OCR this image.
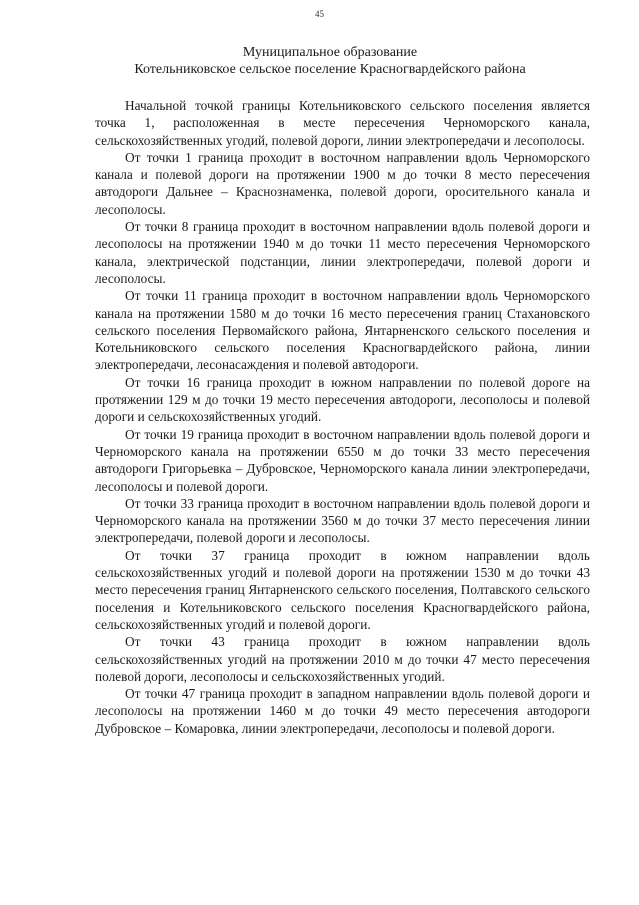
45
Муниципальное образование
Котельниковское сельское поселение Красногвардейского района

Начальной точкой границы Котельниковского сельского поселения является точка 1, расположенная в месте пересечения Черноморского канала, сельскохозяйственных угодий, полевой дороги, линии электропередачи и лесополосы.

От точки 1 граница проходит в восточном направлении вдоль Черноморского канала и полевой дороги на протяжении 1900 м до точки 8 место пересечения автодороги Дальнее – Краснознаменка, полевой дороги, оросительного канала и лесополосы.

От точки 8 граница проходит в восточном направлении вдоль полевой дороги и лесополосы на протяжении 1940 м до точки 11 место пересечения Черноморского канала, электрической подстанции, линии электропередачи, полевой дороги и лесополосы.

От точки 11 граница проходит в восточном направлении вдоль Черноморского канала на протяжении 1580 м до точки 16 место пересечения границ Стахановского сельского поселения Первомайского района, Янтарненского сельского поселения и Котельниковского сельского поселения Красногвардейского района, линии электропередачи, лесонасаждения и полевой автодороги.

От точки 16 граница проходит в южном направлении по полевой дороге на протяжении 129 м до точки 19 место пересечения автодороги, лесополосы и полевой дороги и сельскохозяйственных угодий.

От точки 19 граница проходит в восточном направлении вдоль полевой дороги и Черноморского канала на протяжении 6550 м до точки 33 место пересечения автодороги Григорьевка – Дубровское, Черноморского канала линии электропередачи, лесополосы и полевой дороги.

От точки 33 граница проходит в восточном направлении вдоль полевой дороги и Черноморского канала на протяжении 3560 м до точки 37 место пересечения линии электропередачи, полевой дороги и лесополосы.

От точки 37 граница проходит в южном направлении вдоль сельскохозяйственных угодий и полевой дороги на протяжении 1530 м до точки 43 место пересечения границ Янтарненского сельского поселения, Полтавского сельского поселения и Котельниковского сельского поселения Красногвардейского района, сельскохозяйственных угодий и полевой дороги.

От точки 43 граница проходит в южном направлении вдоль сельскохозяйственных угодий на протяжении 2010 м до точки 47 место пересечения полевой дороги, лесополосы и сельскохозяйственных угодий.

От точки 47 граница проходит в западном направлении вдоль полевой дороги и лесополосы на протяжении 1460 м до точки 49 место пересечения автодороги Дубровское – Комаровка, линии электропередачи, лесополосы и полевой дороги.
